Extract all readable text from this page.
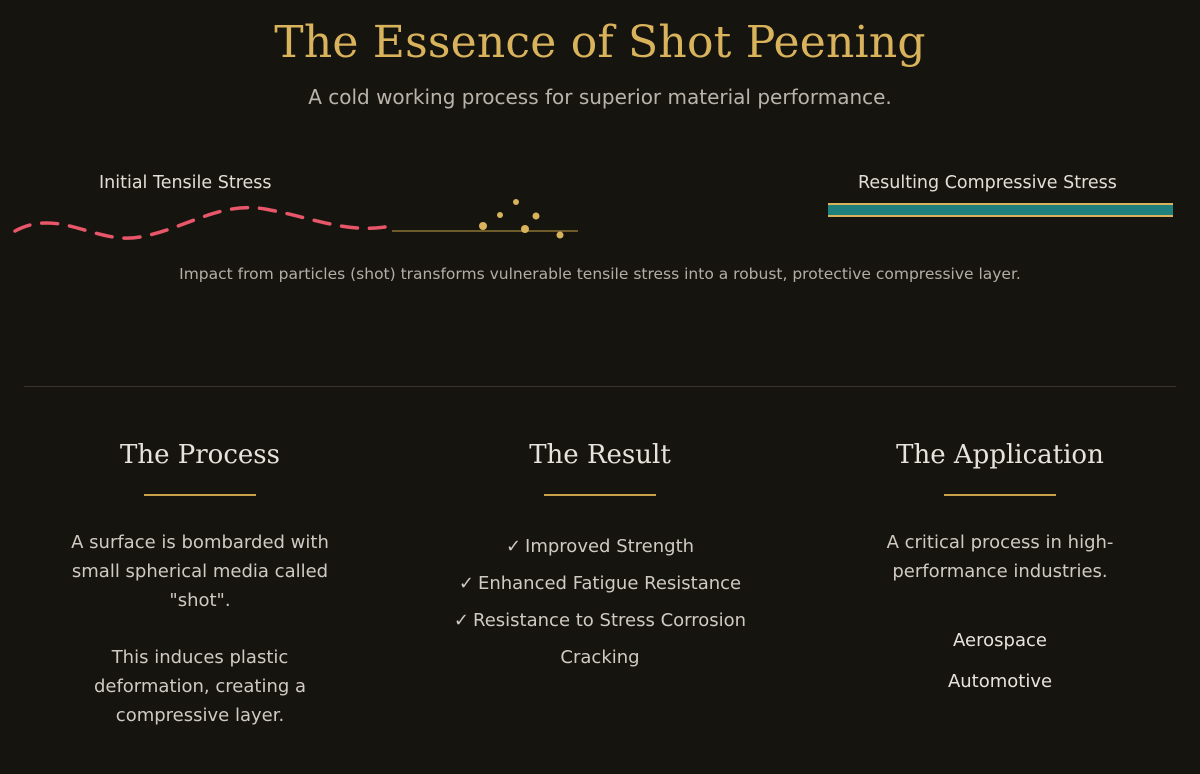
The Essence of Shot Peening

A cold working process for superior material performance.

Initial Tensile Stress	Resulting Compressive Stress
Impact from particles (shot) transforms vulnerable tensile stress into a robust, protective compressive layer.
The Process

A surface is bombarded with small spherical media called "shot".

This induces plastic deformation, creating a compressive layer.

The Result
✓ Improved Strength
✓ Enhanced Fatigue Resistance
✓ Resistance to Stress Corrosion Cracking
The Application

A critical process in high-performance industries.

Aerospace
Automotive
